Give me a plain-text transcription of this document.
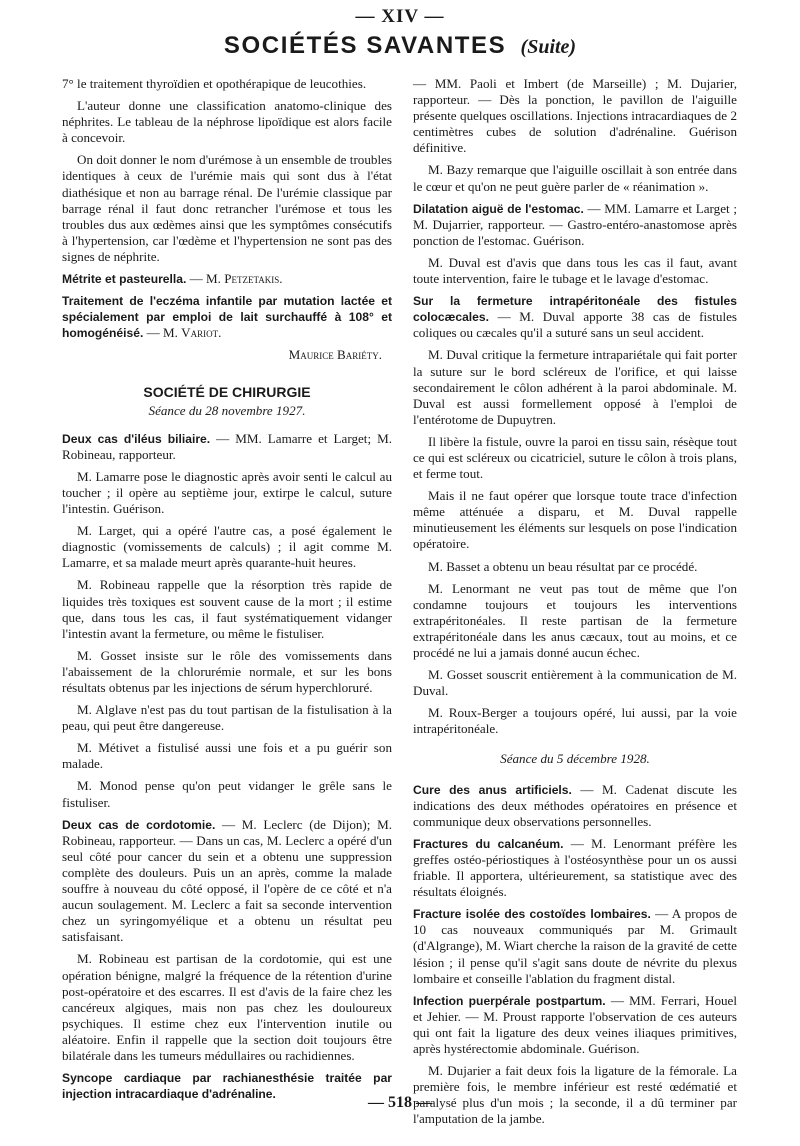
— XIV —
SOCIÉTÉS SAVANTES (Suite)

7° le traitement thyroïdien et opothérapique de leucothies.

L'auteur donne une classification anatomo-clinique des néphrites. Le tableau de la néphrose lipoïdique est alors facile à concevoir.

On doit donner le nom d'urémose à un ensemble de troubles identiques à ceux de l'urémie mais qui sont dus à l'état diathésique et non au barrage rénal. De l'urémie classique par barrage rénal il faut donc retrancher l'urémose et tous les troubles dus aux œdèmes ainsi que les symptômes consécutifs à l'hypertension, car l'œdème et l'hypertension ne sont pas des signes de néphrite.

Métrite et pasteurella. — M. Petzetakis.

Traitement de l'eczéma infantile par mutation lactée et spécialement par emploi de lait surchauffé à 108° et homogénéisé. — M. Variot.

Maurice Bariéty.
SOCIÉTÉ DE CHIRURGIE
Séance du 28 novembre 1927.

Deux cas d'iléus biliaire. — MM. Lamarre et Larget; M. Robineau, rapporteur.

M. Lamarre pose le diagnostic après avoir senti le calcul au toucher ; il opère au septième jour, extirpe le calcul, suture l'intestin. Guérison.

M. Larget, qui a opéré l'autre cas, a posé également le diagnostic (vomissements de calculs) ; il agit comme M. Lamarre, et sa malade meurt après quarante-huit heures.

M. Robineau rappelle que la résorption très rapide de liquides très toxiques est souvent cause de la mort ; il estime que, dans tous les cas, il faut systématiquement vidanger l'intestin avant la fermeture, ou même le fistuliser.

M. Gosset insiste sur le rôle des vomissements dans l'abaissement de la chlorurémie normale, et sur les bons résultats obtenus par les injections de sérum hyperchloruré.

M. Alglave n'est pas du tout partisan de la fistulisation à la peau, qui peut être dangereuse.

M. Métivet a fistulisé aussi une fois et a pu guérir son malade.

M. Monod pense qu'on peut vidanger le grêle sans le fistuliser.

Deux cas de cordotomie. — M. Leclerc (de Dijon); M. Robineau, rapporteur. — Dans un cas, M. Leclerc a opéré d'un seul côté pour cancer du sein et a obtenu une suppression complète des douleurs. Puis un an après, comme la malade souffre à nouveau du côté opposé, il l'opère de ce côté et n'a aucun soulagement. M. Leclerc a fait sa seconde intervention chez un syringomyélique et a obtenu un résultat peu satisfaisant.

M. Robineau est partisan de la cordotomie, qui est une opération bénigne, malgré la fréquence de la rétention d'urine post-opératoire et des escarres. Il est d'avis de la faire chez les cancéreux algiques, mais non pas chez les douloureux psychiques. Il estime chez eux l'intervention inutile ou aléatoire. Enfin il rappelle que la section doit toujours être bilatérale dans les tumeurs médullaires ou rachidiennes.

Syncope cardiaque par rachianesthésie traitée par injection intracardiaque d'adrénaline.

— MM. Paoli et Imbert (de Marseille) ; M. Dujarier, rapporteur. — Dès la ponction, le pavillon de l'aiguille présente quelques oscillations. Injections intracardiaques de 2 centimètres cubes de solution d'adrénaline. Guérison définitive.

M. Bazy remarque que l'aiguille oscillait à son entrée dans le cœur et qu'on ne peut guère parler de « réanimation ».

Dilatation aiguë de l'estomac. — MM. Lamarre et Larget ; M. Dujarrier, rapporteur. — Gastro-entéro-anastomose après ponction de l'estomac. Guérison.

M. Duval est d'avis que dans tous les cas il faut, avant toute intervention, faire le tubage et le lavage d'estomac.

Sur la fermeture intrapéritonéale des fistules colocæcales. — M. Duval apporte 38 cas de fistules coliques ou cæcales qu'il a suturé sans un seul accident.

M. Duval critique la fermeture intrapariétale qui fait porter la suture sur le bord scléreux de l'orifice, et qui laisse secondairement le côlon adhérent à la paroi abdominale. M. Duval est aussi formellement opposé à l'emploi de l'entérotome de Dupuytren.

Il libère la fistule, ouvre la paroi en tissu sain, résèque tout ce qui est scléreux ou cicatriciel, suture le côlon à trois plans, et ferme tout.

Mais il ne faut opérer que lorsque toute trace d'infection même atténuée a disparu, et M. Duval rappelle minutieusement les éléments sur lesquels on pose l'indication opératoire.

M. Basset a obtenu un beau résultat par ce procédé.

M. Lenormant ne veut pas tout de même que l'on condamne toujours et toujours les interventions extrapéritonéales. Il reste partisan de la fermeture extrapéritonéale dans les anus cæcaux, tout au moins, et ce procédé ne lui a jamais donné aucun échec.

M. Gosset souscrit entièrement à la communication de M. Duval.

M. Roux-Berger a toujours opéré, lui aussi, par la voie intrapéritonéale.

Séance du 5 décembre 1928.

Cure des anus artificiels. — M. Cadenat discute les indications des deux méthodes opératoires en présence et communique deux observations personnelles.

Fractures du calcanéum. — M. Lenormant préfère les greffes ostéo-périostiques à l'ostéosynthèse pour un os aussi friable. Il apportera, ultérieurement, sa statistique avec des résultats éloignés.

Fracture isolée des costoïdes lombaires. — A propos de 10 cas nouveaux communiqués par M. Grimault (d'Algrange), M. Wiart cherche la raison de la gravité de cette lésion ; il pense qu'il s'agit sans doute de névrite du plexus lombaire et conseille l'ablation du fragment distal.

Infection puerpérale postpartum. — MM. Ferrari, Houel et Jehier. — M. Proust rapporte l'observation de ces auteurs qui ont fait la ligature des deux veines iliaques primitives, après hystérectomie abdominale. Guérison.

M. Dujarier a fait deux fois la ligature de la fémorale. La première fois, le membre inférieur est resté œdématié et paralysé plus d'un mois ; la seconde, il a dû terminer par l'amputation de la jambe.

— 518 —
